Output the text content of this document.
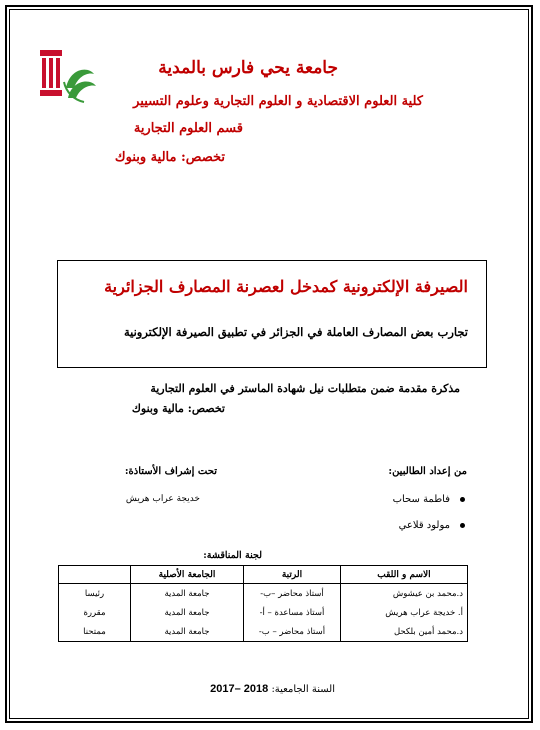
جامعة يحي فارس بالمدية
كلية العلوم الاقتصادية و العلوم التجارية وعلوم التسيير
قسم العلوم التجارية
تخصص: مالية وبنوك
الصيرفة الإلكترونية كمدخل لعصرنة المصارف الجزائرية
تجارب بعض المصارف العاملة في الجزائر في تطبيق الصيرفة الإلكترونية
مذكرة مقدمة ضمن متطلبات نيل شهادة الماستر في العلوم التجارية
تخصص: مالية وبنوك
من إعداد الطالبين:
تحت إشراف الأستاذة:
فاطمة سحاب
مولود قلاعي
خديجة عراب هريش
لجنة المناقشة:
الاسم و اللقب	الرتبة	الجامعة الأصلية	
د.محمد بن عيشوش	أستاذ محاضر –ب-	جامعة المدية	رئيسا
أ. خديجة عراب هريش	أستاذ مساعدة – أ-	جامعة المدية	مقررة
د.محمد أمين بلكحل	أستاذ محاضر – ب-	جامعة المدية	ممتحنا
السنة الجامعية: 2017– 2018
